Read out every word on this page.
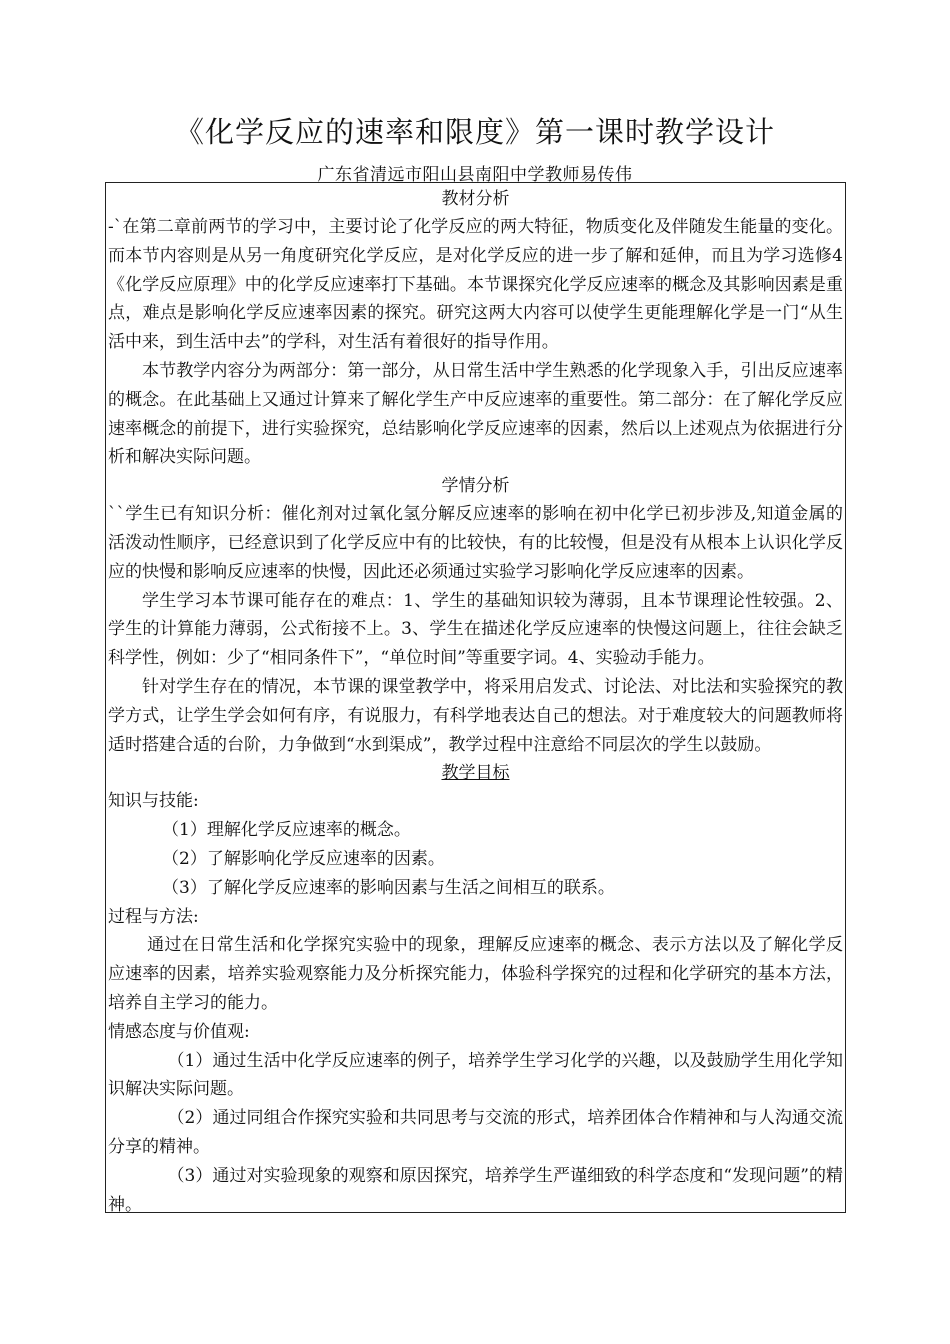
《化学反应的速率和限度》第一课时教学设计
广东省清远市阳山县南阳中学教师易传伟
教材分析

-`在第二章前两节的学习中，主要讨论了化学反应的两大特征，物质变化及伴随发生能量的变化。而本节内容则是从另一角度研究化学反应，是对化学反应的进一步了解和延伸，而且为学习选修4《化学反应原理》中的化学反应速率打下基础。本节课探究化学反应速率的概念及其影响因素是重点，难点是影响化学反应速率因素的探究。研究这两大内容可以使学生更能理解化学是一门“从生活中来，到生活中去”的学科，对生活有着很好的指导作用。

本节教学内容分为两部分：第一部分，从日常生活中学生熟悉的化学现象入手，引出反应速率的概念。在此基础上又通过计算来了解化学生产中反应速率的重要性。第二部分：在了解化学反应速率概念的前提下，进行实验探究，总结影响化学反应速率的因素，然后以上述观点为依据进行分析和解决实际问题。

学情分析

``学生已有知识分析：催化剂对过氧化氢分解反应速率的影响在初中化学已初步涉及,知道金属的活泼动性顺序，已经意识到了化学反应中有的比较快，有的比较慢，但是没有从根本上认识化学反应的快慢和影响反应速率的快慢，因此还必须通过实验学习影响化学反应速率的因素。

学生学习本节课可能存在的难点：1、学生的基础知识较为薄弱，且本节课理论性较强。2、学生的计算能力薄弱，公式衔接不上。3、学生在描述化学反应速率的快慢这问题上，往往会缺乏科学性，例如：少了“相同条件下”，“单位时间”等重要字词。4、实验动手能力。

针对学生存在的情况，本节课的课堂教学中，将采用启发式、讨论法、对比法和实验探究的教学方式，让学生学会如何有序，有说服力，有科学地表达自己的想法。对于难度较大的问题教师将适时搭建合适的台阶，力争做到“水到渠成”，教学过程中注意给不同层次的学生以鼓励。

教学目标

知识与技能:

（1）理解化学反应速率的概念。
（2）了解影响化学反应速率的因素。
（3）了解化学反应速率的影响因素与生活之间相互的联系。

过程与方法:

通过在日常生活和化学探究实验中的现象，理解反应速率的概念、表示方法以及了解化学反应速率的因素，培养实验观察能力及分析探究能力，体验科学探究的过程和化学研究的基本方法，培养自主学习的能力。

情感态度与价值观:

（1）通过生活中化学反应速率的例子，培养学生学习化学的兴趣，以及鼓励学生用化学知识解决实际问题。

（2）通过同组合作探究实验和共同思考与交流的形式，培养团体合作精神和与人沟通交流分享的精神。

（3）通过对实验现象的观察和原因探究，培养学生严谨细致的科学态度和“发现问题”的精神。
